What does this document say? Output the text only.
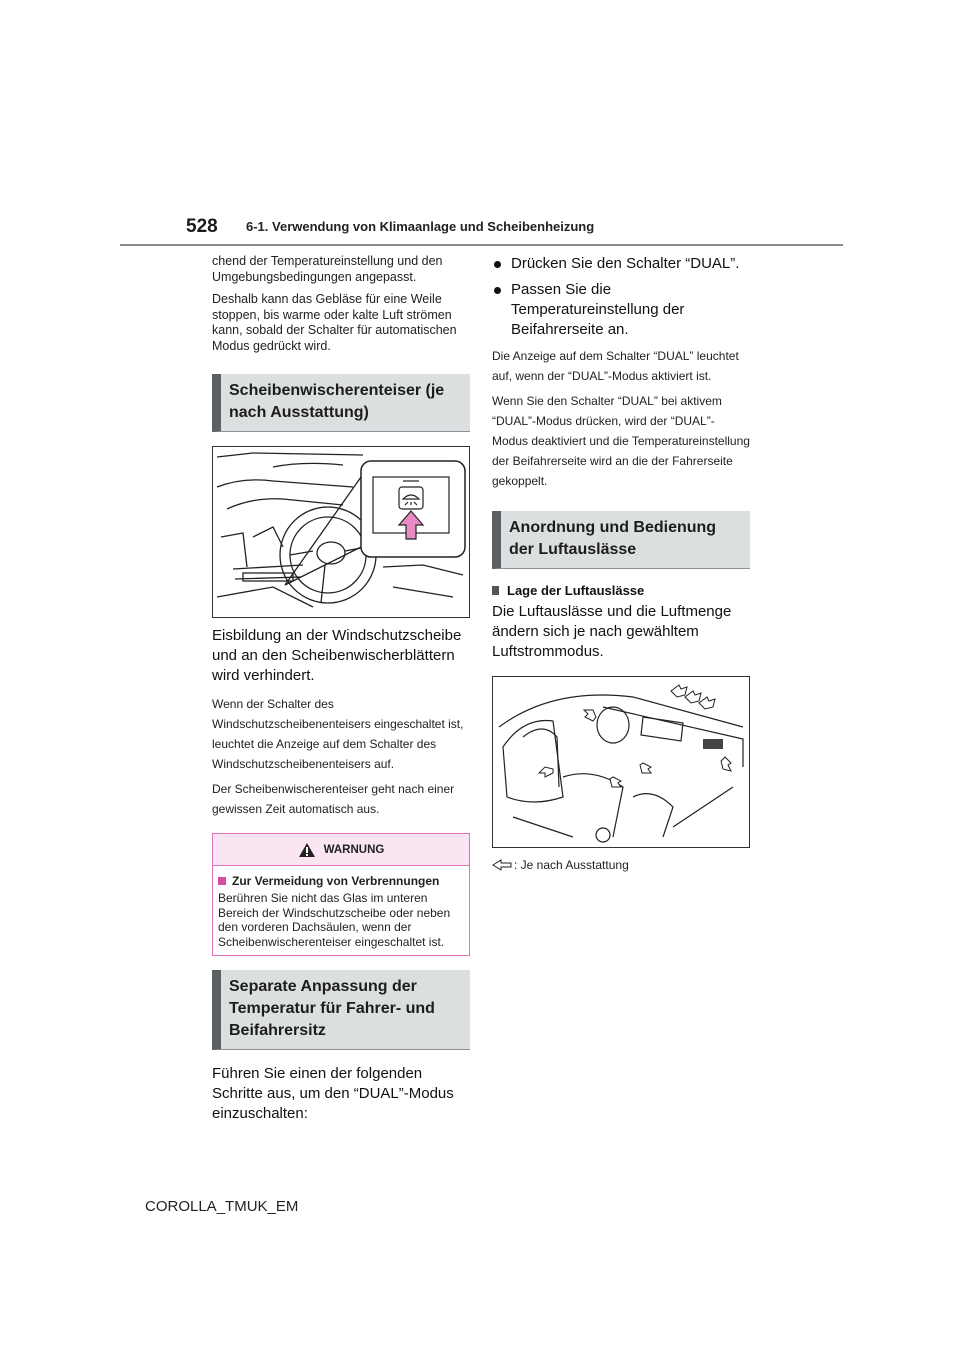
528 6-1. Verwendung von Klimaanlage und Scheibenheizung

chend der Temperatureinstellung und den Umgebungsbedingungen angepasst.

Deshalb kann das Gebläse für eine Weile stoppen, bis warme oder kalte Luft strömen kann, sobald der Schalter für automatischen Modus gedrückt wird.

Scheibenwischerenteiser (je nach Ausstattung)

Eisbildung an der Windschutzscheibe und an den Scheibenwischerblättern wird verhindert.

Wenn der Schalter des Windschutzscheibenenteisers eingeschaltet ist, leuchtet die Anzeige auf dem Schalter des Windschutzscheibenenteisers auf.

Der Scheibenwischerenteiser geht nach einer gewissen Zeit automatisch aus.

WARNUNG
Zur Vermeidung von Verbrennungen

Berühren Sie nicht das Glas im unteren Bereich der Windschutzscheibe oder neben den vorderen Dachsäulen, wenn der Scheibenwischerenteiser eingeschaltet ist.

Separate Anpassung der Temperatur für Fahrer- und Beifahrersitz

Führen Sie einen der folgenden Schritte aus, um den “DUAL”-Modus einzuschalten:

Drücken Sie den Schalter “DUAL”.
Passen Sie die Temperatureinstellung der Beifahrerseite an.

Die Anzeige auf dem Schalter “DUAL” leuchtet auf, wenn der “DUAL”-Modus aktiviert ist.

Wenn Sie den Schalter “DUAL” bei aktivem “DUAL”-Modus drücken, wird der “DUAL”-Modus deaktiviert und die Temperatureinstellung der Beifahrerseite wird an die der Fahrerseite gekoppelt.

Anordnung und Bedienung der Luftauslässe
Lage der Luftauslässe

Die Luftauslässe und die Luftmenge ändern sich je nach gewähltem Luftstrommodus.

: Je nach Ausstattung
COROLLA_TMUK_EM
